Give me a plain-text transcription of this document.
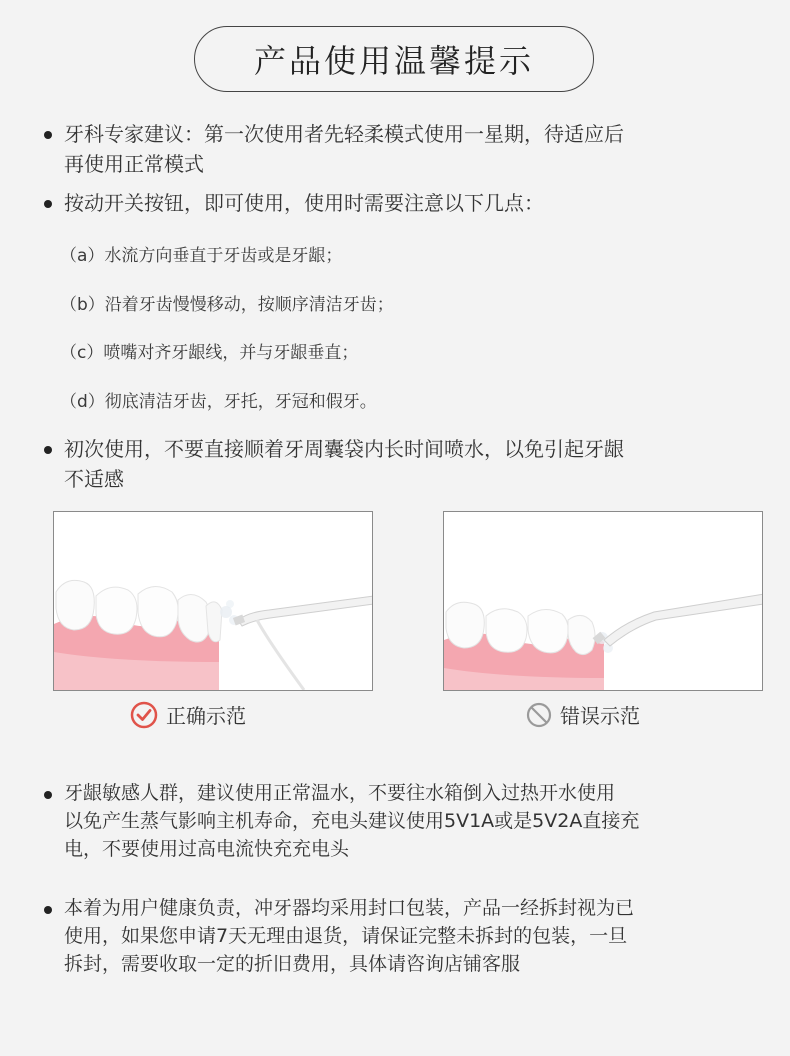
产品使用温馨提示
牙科专家建议：第一次使用者先轻柔模式使用一星期，待适应后
再使用正常模式
按动开关按钮，即可使用，使用时需要注意以下几点：
（a）水流方向垂直于牙齿或是牙龈；
（b）沿着牙齿慢慢移动，按顺序清洁牙齿；
（c）喷嘴对齐牙龈线，并与牙龈垂直；
（d）彻底清洁牙齿，牙托，牙冠和假牙。
初次使用，不要直接顺着牙周囊袋内长时间喷水，以免引起牙龈
不适感
正确示范	错误示范
牙龈敏感人群，建议使用正常温水，不要往水箱倒入过热开水使用
以免产生蒸气影响主机寿命，充电头建议使用5V1A或是5V2A直接充
电，不要使用过高电流快充充电头
本着为用户健康负责，冲牙器均采用封口包装，产品一经拆封视为已
使用，如果您申请7天无理由退货，请保证完整未拆封的包装，一旦
拆封，需要收取一定的折旧费用，具体请咨询店铺客服
